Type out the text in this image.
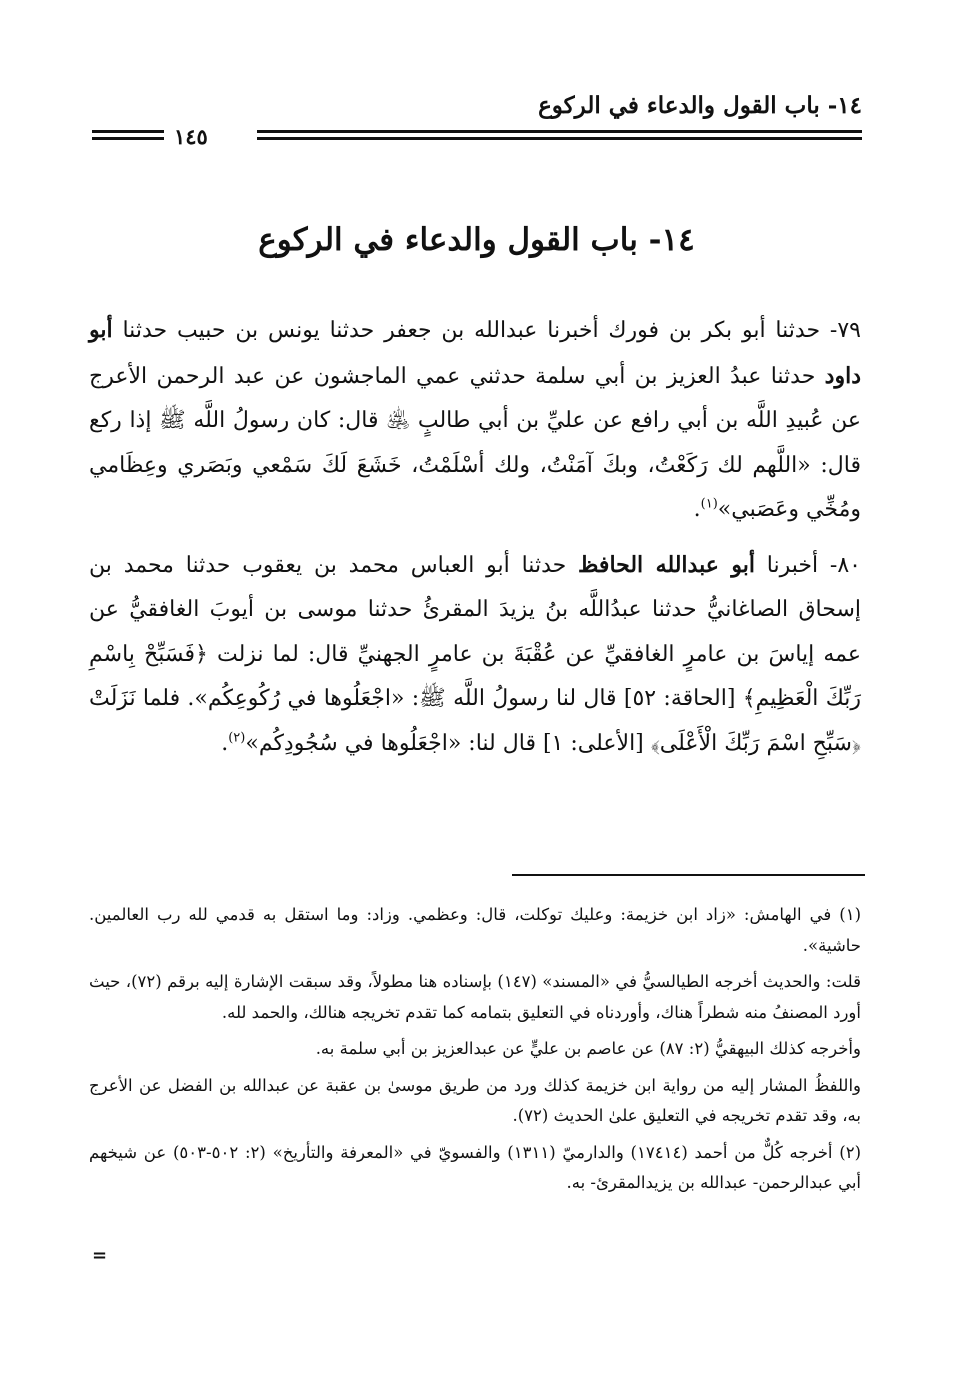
١٤- باب القول والدعاء في الركوع
١٤٥
١٤- باب القول والدعاء في الركوع

٧٩- حدثنا أبو بكر بن فورك أخبرنا عبدالله بن جعفر حدثنا يونس بن حبيب حدثنا أبو داود حدثنا عبدُ العزيز بن أبي سلمة حدثني عمي الماجشون عن عبد الرحمن الأعرج عن عُبيدِ اللَّه بن أبي رافع عن عليِّ بن أبي طالبٍ ﵁ قال: كان رسولُ اللَّه ﷺ إذا ركع قال: «اللَّهم لك رَكَعْتُ، وبكَ آمَنْتُ، ولك أسْلَمْتُ، خَشَعَ لَكَ سَمْعي وبَصَري وعِظَامي ومُخِّي وعَصَبي»$^{(١)}$.

٨٠- أخبرنا أبو عبدالله الحافظ حدثنا أبو العباس محمد بن يعقوب حدثنا محمد بن إسحاق الصاغانيُّ حدثنا عبدُاللَّه بنُ يزيدَ المقرئُ حدثنا موسى بن أيوبَ الغافقيُّ عن عمه إياسَ بن عامرٍ الغافقيِّ عن عُقْبَةَ بن عامرٍ الجهنيِّ قال: لما نزلت ﴿فَسَبِّحْ بِاسْمِ رَبِّكَ الْعَظِيمِ﴾ [الحاقة: ٥٢] قال لنا رسولُ اللَّه ﷺ: «اجْعَلُوها في رُكُوعِكُم». فلما نَزَلَتْ ﴿سَبِّحِ اسْمَ رَبِّكَ الْأَعْلَى﴾ [الأعلى: ١] قال لنا: «اجْعَلُوها في سُجُودِكُم»$^{(٢)}$.

(١) في الهامش: «زاد ابن خزيمة: وعليك توكلت، قال: وعظمي. وزاد: وما استقل به قدمي لله رب العالمين. حاشية».

قلت: والحديث أخرجه الطيالسيُّ في «المسند» (١٤٧) بإسناده هنا مطولاً، وقد سبقت الإشارة إليه برقم (٧٢)، حيث أورد المصنفُ منه شطراً هناك، وأوردناه في التعليق بتمامه كما تقدم تخريجه هنالك، والحمد لله.

وأخرجه كذلك البيهقيُّ (٢: ٨٧) عن عاصم بن عليٍّ عن عبدالعزيز بن أبي سلمة به.

واللفظُ المشار إليه من رواية ابن خزيمة كذلك ورد من طريق موسىٰ بن عقبة عن عبدالله بن الفضل عن الأعرج به، وقد تقدم تخريجه في التعليق علىٰ الحديث (٧٢).

(٢) أخرجه كُلٌّ من أحمد (١٧٤١٤) والدارميّ (١٣١١) والفسويّ في «المعرفة والتأريخ» (٢: ٥٠٢-٥٠٣) عن شيخهم أبي عبدالرحمن- عبدالله بن يزيدالمقرئ- به.

=
